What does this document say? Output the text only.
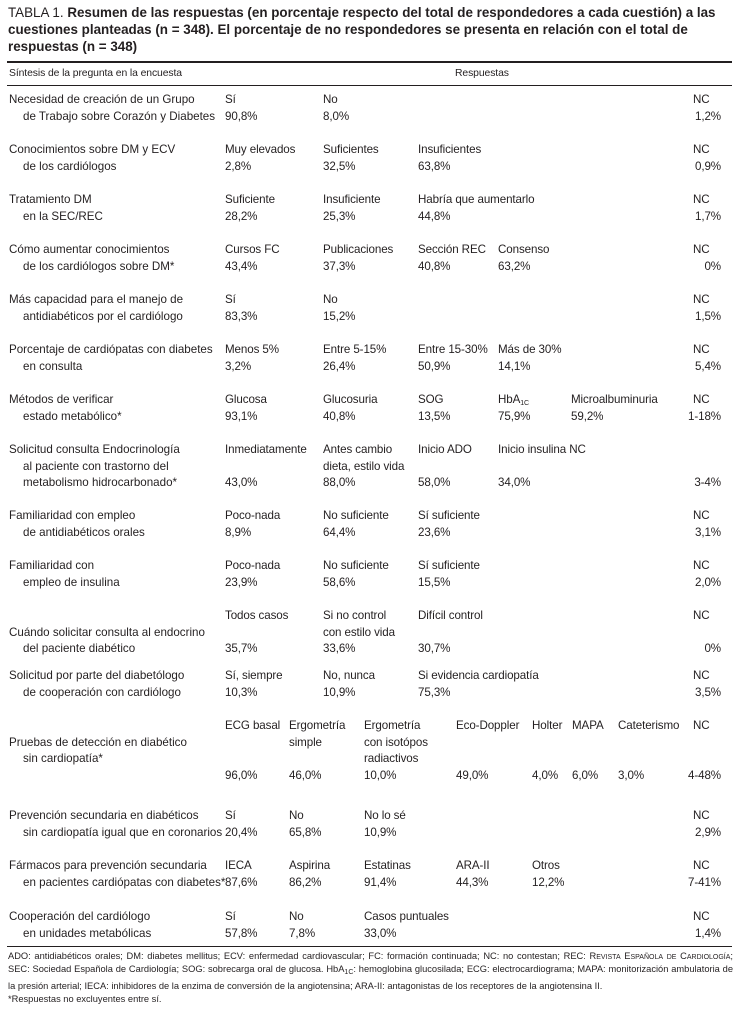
TABLA 1. Resumen de las respuestas (en porcentaje respecto del total de respondedores a cada cuestión) a las cuestiones planteadas (n = 348). El porcentaje de no respondedores se presenta en relación con el total de respuestas (n = 348)
Síntesis de la pregunta en la encuesta	Respuestas
Necesidad de creación de un Grupo
de Trabajo sobre Corazón y Diabetes
Sí
90,8%
No
8,0%
NC
1,2%
Conocimientos sobre DM y ECV
de los cardiólogos
Muy elevados
2,8%
Suficientes
32,5%
Insuficientes
63,8%
NC
0,9%
Tratamiento DM
en la SEC/REC
Suficiente
28,2%
Insuficiente
25,3%
Habría que aumentarlo
44,8%
NC
1,7%
Cómo aumentar conocimientos
de los cardiólogos sobre DM*
Cursos FC
43,4%
Publicaciones
37,3%
Sección REC
40,8%
Consenso
63,2%
NC
0%
Más capacidad para el manejo de
antidiabéticos por el cardiólogo
Sí
83,3%
No
15,2%
NC
1,5%
Porcentaje de cardiópatas con diabetes
en consulta
Menos 5%
3,2%
Entre 5-15%
26,4%
Entre 15-30%
50,9%
Más de 30%
14,1%
NC
5,4%
Métodos de verificar
estado metabólico*
Glucosa
93,1%
Glucosuria
40,8%
SOG
13,5%
HbA$_{1C}$
75,9%
Microalbuminuria
59,2%
NC
1-18%
Solicitud consulta Endocrinología
al paciente con trastorno del
metabolismo hidrocarbonado*
Inmediatamente
43,0%
Antes cambio
dieta, estilo vida
88,0%
Inicio ADO
58,0%
Inicio insulina NC
34,0%	3-4%
Familiaridad con empleo
de antidiabéticos orales
Poco-nada
8,9%
No suficiente
64,4%
Sí suficiente
23,6%
NC
3,1%
Familiaridad con
empleo de insulina
Poco-nada
23,9%
No suficiente
58,6%
Sí suficiente
15,5%
NC
2,0%
Cuándo solicitar consulta al endocrino
del paciente diabético
Todos casos
35,7%
Si no control
con estilo vida
33,6%
Difícil control
30,7%
NC
0%
Solicitud por parte del diabetólogo
de cooperación con cardiólogo
Sí, siempre
10,3%
No, nunca
10,9%
Si evidencia cardiopatía
75,3%
NC
3,5%
Pruebas de detección en diabético
sin cardiopatía*
ECG basal
96,0%
Ergometría
simple
46,0%
Ergometría
con isotópos
radiactivos
10,0%
Eco-Doppler
49,0%
Holter
4,0%
MAPA
6,0%
Cateterismo
3,0%
NC
4-48%
Prevención secundaria en diabéticos
sin cardiopatía igual que en coronarios
Sí
20,4%
No
65,8%
No lo sé
10,9%
NC
2,9%
Fármacos para prevención secundaria
en pacientes cardiópatas con diabetes*
IECA
87,6%
Aspirina
86,2%
Estatinas
91,4%
ARA-II
44,3%
Otros
12,2%
NC
7-41%
Cooperación del cardiólogo
en unidades metabólicas
Sí
57,8%
No
7,8%
Casos puntuales
33,0%
NC
1,4%
ADO: antidiabéticos orales; DM: diabetes mellitus; ECV: enfermedad cardiovascular; FC: formación continuada; NC: no contestan; REC: Revista Española de Cardiología; SEC: Sociedad Española de Cardiología; SOG: sobrecarga oral de glucosa. HbA$_{1C}$: hemoglobina glucosilada; ECG: electrocardiograma; MAPA: monitorización ambulatoria de la presión arterial; IECA: inhibidores de la enzima de conversión de la angiotensina; ARA-II: antagonistas de los receptores de la angiotensina II.
*Respuestas no excluyentes entre sí.
